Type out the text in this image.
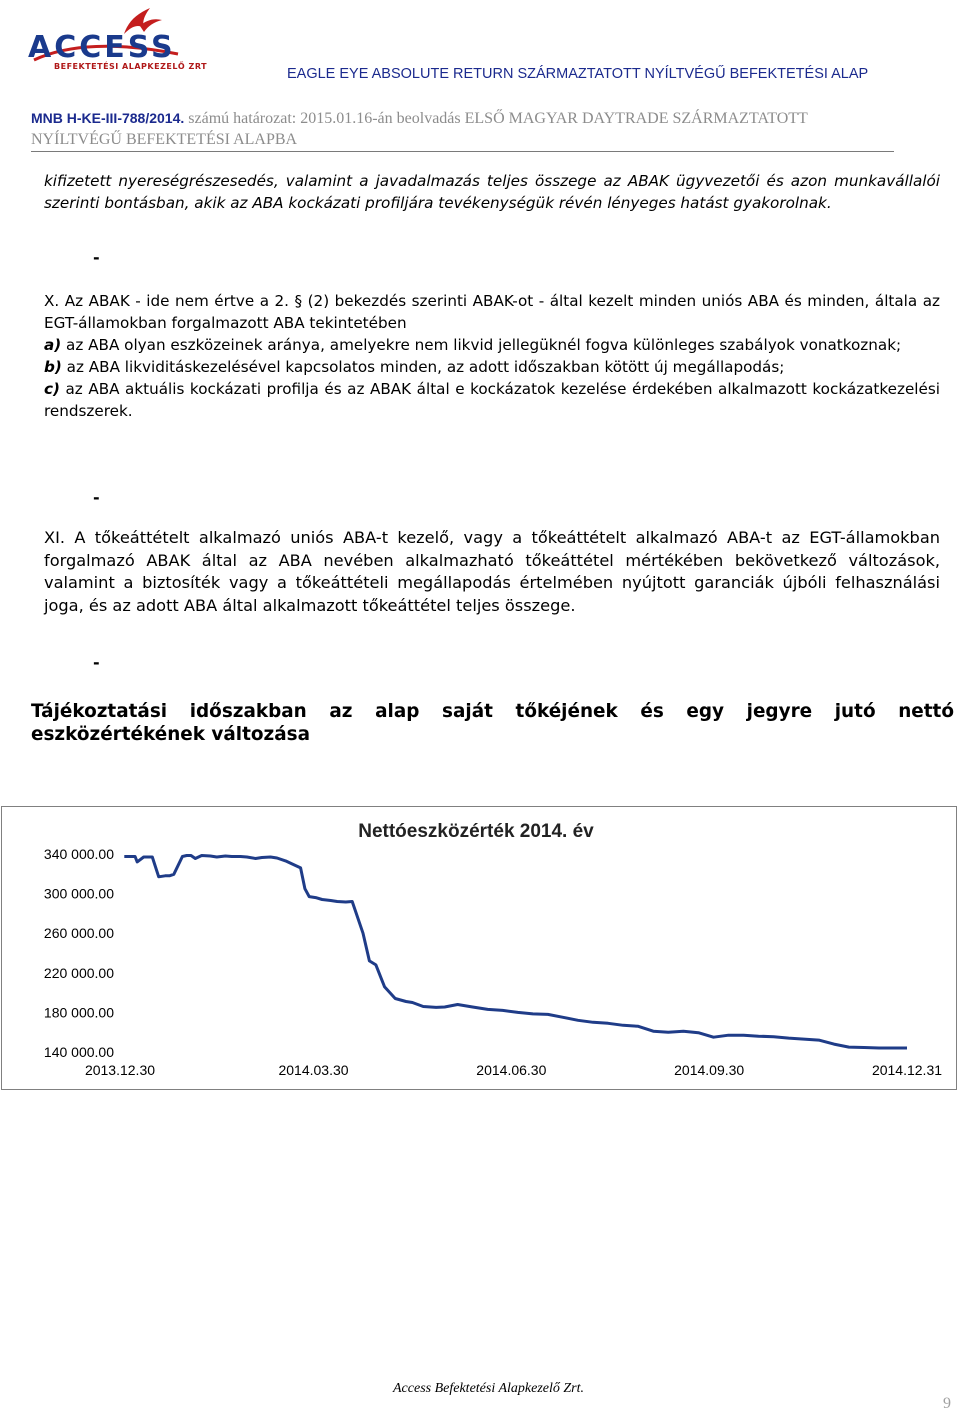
ACCESS
BEFEKTETÉSI ALAPKEZELŐ ZRT	EAGLE EYE ABSOLUTE RETURN SZÁRMAZTATOTT NYÍLTVÉGŰ BEFEKTETÉSI ALAP
MNB H-KE-III-788/2014. számú határozat: 2015.01.16-án beolvadás ELSŐ MAGYAR DAYTRADE SZÁRMAZTATOTT
NYÍLTVÉGŰ BEFEKTETÉSI ALAPBA

kifizetett nyereségrészesedés, valamint a javadalmazás teljes összege az ABAK ügyvezetői és azon munkavállalói szerinti bontásban, akik az ABA kockázati profiljára tevékenységük révén lényeges hatást gyakorolnak.

-

X. Az ABAK - ide nem értve a 2. § (2) bekezdés szerinti ABAK-ot - által kezelt minden uniós ABA és minden, általa az EGT-államokban forgalmazott ABA tekintetében

a) az ABA olyan eszközeinek aránya, amelyekre nem likvid jellegüknél fogva különleges szabályok vonatkoznak;

b) az ABA likviditáskezelésével kapcsolatos minden, az adott időszakban kötött új megállapodás;

c) az ABA aktuális kockázati profilja és az ABAK által e kockázatok kezelése érdekében alkalmazott kockázatkezelési rendszerek.

-

XI. A tőkeáttételt alkalmazó uniós ABA-t kezelő, vagy a tőkeáttételt alkalmazó ABA-t az EGT-államokban forgalmazó ABAK által az ABA nevében alkalmazható tőkeáttétel mértékében bekövetkező változások, valamint a biztosíték vagy a tőkeáttételi megállapodás értelmében nyújtott garanciák újbóli felhasználási joga, és az adott ABA által alkalmazott tőkeáttétel teljes összege.

-
Tájékoztatási időszakban az alap saját tőkéjének és egy jegyre jutó nettó eszközértékének változása
Nettóeszközérték 2014. év
340 000.00
300 000.00
260 000.00
220 000.00
180 000.00
140 000.00
2013.12.30	2014.03.30	2014.06.30	2014.09.30	2014.12.31
Access Befektetési Alapkezelő Zrt.
9
